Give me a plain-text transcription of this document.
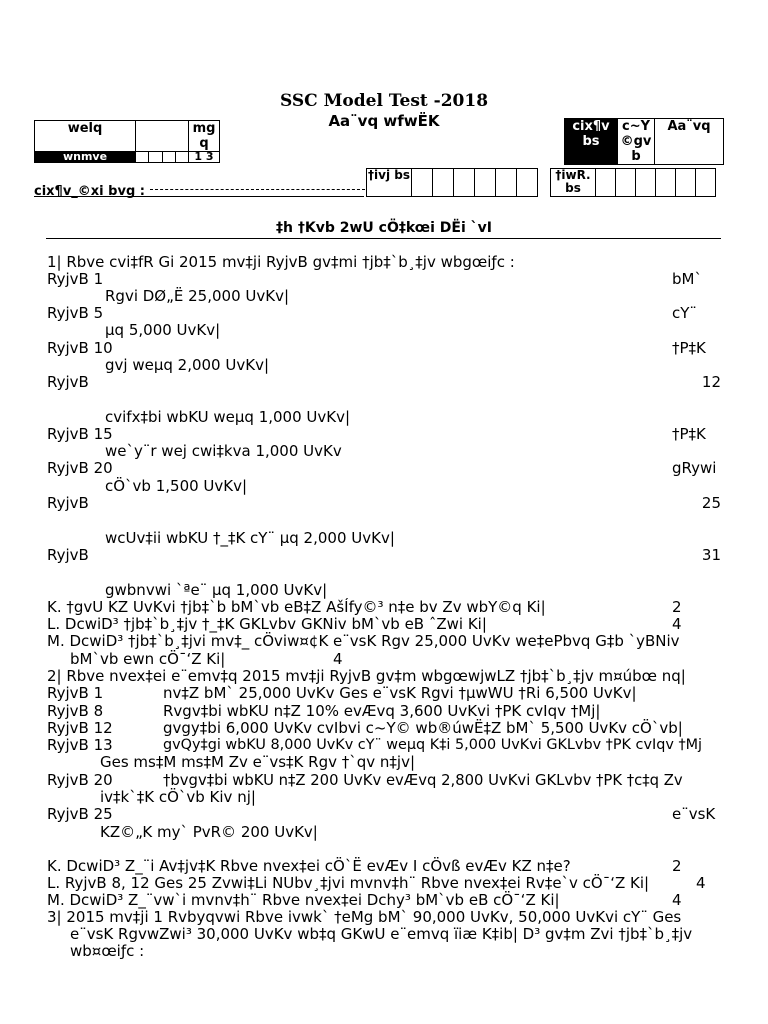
SSC Model Test -2018
Aa¨vq wfwËK
welq		mg q
wnmve		1 3
cix¶v bs	c~Y ©gv b	Aa¨vq
cix¶v_©xi bvg :
†ivj bs							†iwR. bs						
‡h †Kvb 2wU cÖ‡kœi DËi `vI
1| Rbve cvi‡fR Gi 2015 mv‡ji RyjvB gv‡mi †jb‡`b¸‡jv wbgœiƒc :
RyjvB 1	bM`
Rgvi DØ„Ë 25,000 UvKv|
RyjvB 5	cY¨
µq 5,000 UvKv|
RyjvB 10	†P‡K
gvj weµq 2,000 UvKv|
RyjvB	12
cvifx‡bi wbKU weµq 1,000 UvKv|
RyjvB 15	†P‡K
we`y¨r wej cwi‡kva 1,000 UvKv
RyjvB 20	gRywi
cÖ`vb 1,500 UvKv|
RyjvB	25
wcUv‡ii wbKU †_‡K cY¨ µq 2,000 UvKv|
RyjvB	31
gwbnvwi `ªe¨ µq 1,000 UvKv|
K. †gvU KZ UvKvi †jb‡`b bM`vb eB‡Z AšÍfy©³ n‡e bv Zv wbY©q Ki|	2
L. DcwiD³ †jb‡`b¸‡jv †_‡K GKLvbv GKNiv bM`vb eB ˆZwi Ki|	4
M. DcwiD³ †jb‡`b¸‡jvi mv‡_ cÖviw¤¢K e¨vsK Rgv 25,000 UvKv we‡ePbvq G‡b `yBNiv
bM`vb ewn cÖ¯‘Z Ki|	4
2| Rbve nvex‡ei e¨emv‡q 2015 mv‡ji RyjvB gv‡m wbgœwjwLZ †jb‡`b¸‡jv m¤úbœ nq|
RyjvB 1	nv‡Z bM` 25,000 UvKv Ges e¨vsK Rgvi †µwWU †Ri 6,500 UvKv|
RyjvB 8	Rvgv‡bi wbKU n‡Z 10% evÆvq 3,600 UvKvi †PK cvIqv †Mj|
RyjvB 12	gvgy‡bi 6,000 UvKv cvIbvi c~Y© wb®úwË‡Z bM` 5,500 UvKv cÖ`vb|
RyjvB 13	gvQy‡gi wbKU 8,000 UvKv cY¨ weµq K‡i 5,000 UvKvi GKLvbv †PK cvIqv †Mj
Ges ms‡M ms‡M Zv e¨vs‡K Rgv †`qv n‡jv|
RyjvB 20	†bvgv‡bi wbKU n‡Z 200 UvKv evÆvq 2,800 UvKvi GKLvbv †PK †c‡q Zv
iv‡k`‡K cÖ`vb Kiv nj|
RyjvB 25	e¨vsK
KZ©„K my` PvR© 200 UvKv|
K. DcwiD³ Z_¨i Av‡jv‡K Rbve nvex‡ei cÖ`Ë evÆv I cÖvß evÆv KZ n‡e?	2
L. RyjvB 8, 12 Ges 25 Zvwi‡Li NUbv¸‡jvi mvnv‡h¨ Rbve nvex‡ei Rv‡e`v cÖ¯‘Z Ki|	4
M. DcwiD³ Z_¨vw`i mvnv‡h¨ Rbve nvex‡ei Dchy³ bM`vb eB cÖ¯‘Z Ki|	4
3| 2015 mv‡ji 1 Rvbyqvwi Rbve ivwk` †eMg bM` 90,000 UvKv, 50,000 UvKvi cY¨ Ges
e¨vsK RgvwZwi³ 30,000 UvKv wb‡q GKwU e¨emvq ïiæ K‡ib| D³ gv‡m Zvi †jb‡`b¸‡jv
wb¤œiƒc :
